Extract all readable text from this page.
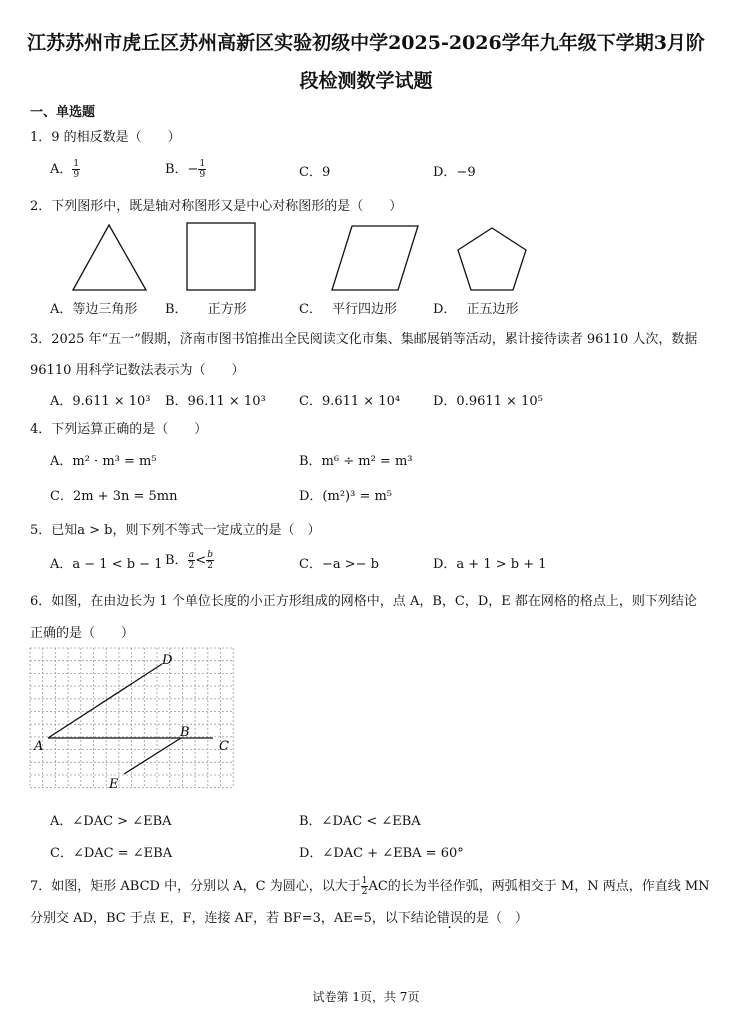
江苏苏州市虎丘区苏州高新区实验初级中学2025-2026学年九年级下学期3月阶
段检测数学试题
一、单选题
1．9 的相反数是（　　）
A． $\frac{1}{9}$	B．− $\frac{1}{9}$	C．9	D．−9
2．下列图形中，既是轴对称图形又是中心对称图形的是（　　）
A．等边三角形 B． 正方形	C． 平行四边形	D． 正五边形
3．2025 年“五一”假期，济南市图书馆推出全民阅读文化市集、集邮展销等活动，累计接待读者 96110 人次，数据
96110 用科学记数法表示为（　　）
A．9.611 × 10³ B．96.11 × 10³	C．9.611 × 10⁴	D．0.9611 × 10⁵
4．下列运算正确的是（　　）
A．m² · m³ = m⁵	B．m⁶ ÷ m² = m³
C．2m + 3n = 5mn	D．(m²)³ = m⁵
5．已知a > b，则下列不等式一定成立的是（　）
A．a − 1 < b − 1 B． $\frac{a}{2} < \frac{b}{2}$	C．−a >− b	D．a + 1 > b + 1
6．如图，在由边长为 1 个单位长度的小正方形组成的网格中，点 A，B，C，D，E 都在网格的格点上，则下列结论
正确的是（　　）
A
B
C
D
E
A．∠DAC > ∠EBA	B．∠DAC < ∠EBA
C．∠DAC = ∠EBA	D．∠DAC + ∠EBA = 60°
7．如图，矩形 ABCD 中，分别以 A，C 为圆心，以大于 $\frac{1}{2}$ AC的长为半径作弧，两弧相交于 M，N 两点，作直线 MN
分别交 AD，BC 于点 E，F，连接 AF，若 BF=3，AE=5，以下结论错误的是（　）
试卷第 1页，共 7页
